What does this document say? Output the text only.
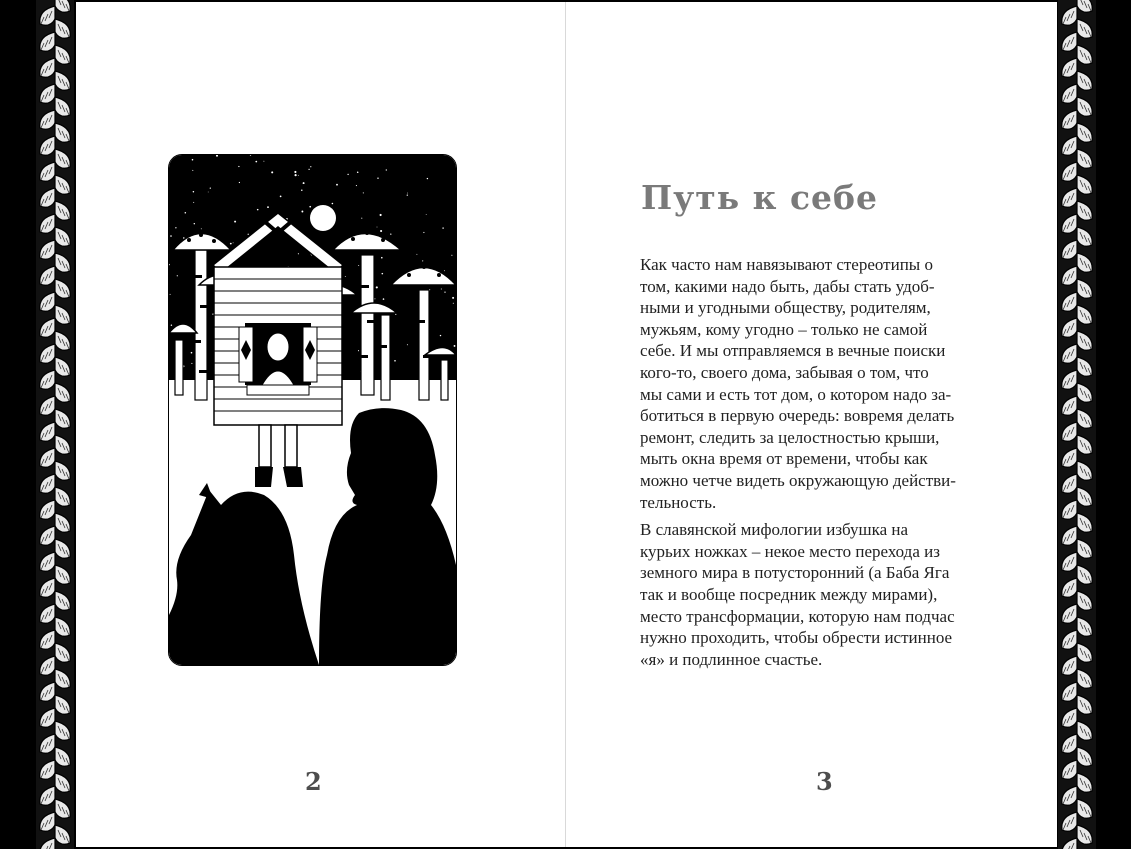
2
Путь к себе

Как часто нам навязывают стереотипы о
том, какими надо быть, дабы стать удоб-
ными и угодными обществу, родителям,
мужьям, кому угодно – только не самой
себе. И мы отправляемся в вечные поиски
кого-то, своего дома, забывая о том, что
мы сами и есть тот дом, о котором надо за-
ботиться в первую очередь: вовремя делать
ремонт, следить за целостностью крыши,
мыть окна время от времени, чтобы как
можно четче видеть окружающую действи-
тельность.

В славянской мифологии избушка на
курьих ножках – некое место перехода из
земного мира в потусторонний (а Баба Яга
так и вообще посредник между мирами),
место трансформации, которую нам подчас
нужно проходить, чтобы обрести истинное
«я» и подлинное счастье.

3
